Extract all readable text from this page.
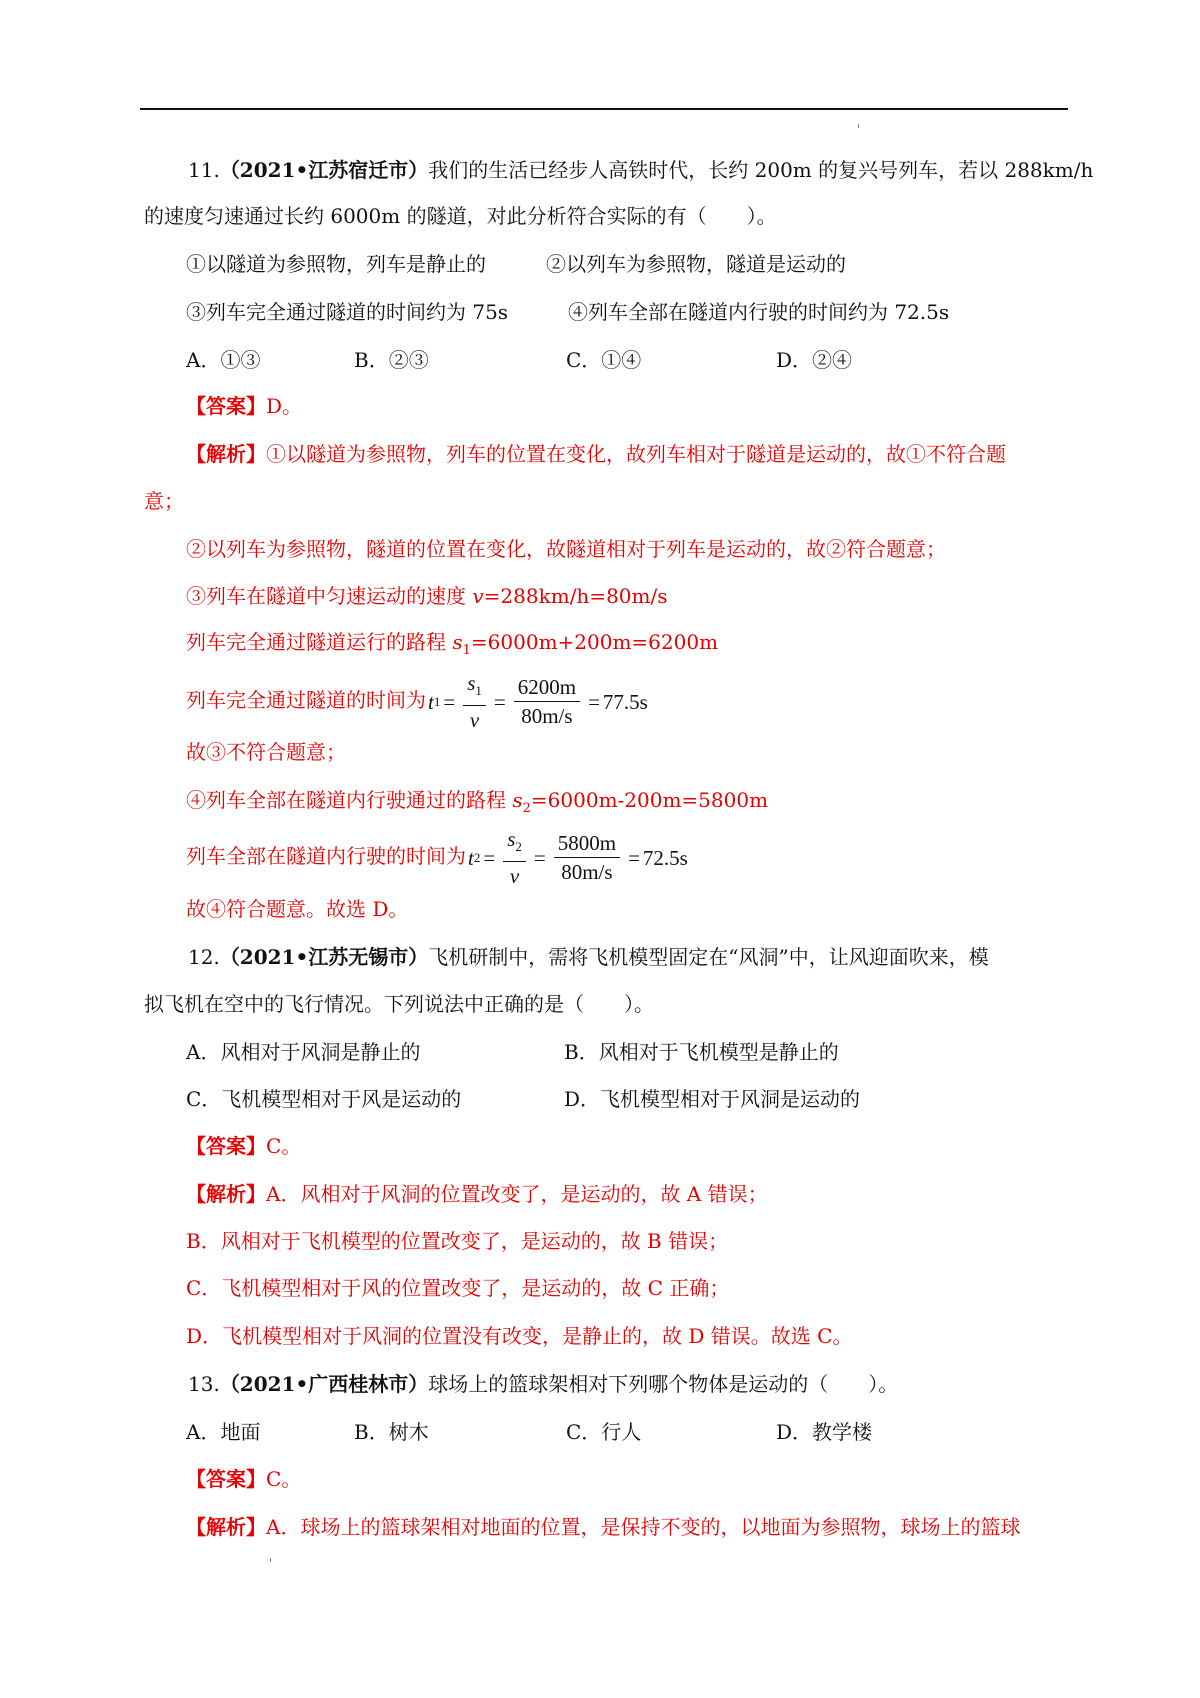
11.（2021•江苏宿迁市）我们的生活已经步人高铁时代，长约 200m 的复兴号列车，若以 288km/h
的速度匀速通过长约 6000m 的隧道，对此分析符合实际的有（　　）。
①以隧道为参照物，列车是静止的	②以列车为参照物，隧道是运动的
③列车完全通过隧道的时间约为 75s	④列车全部在隧道内行驶的时间约为 72.5s
A．①③	B．②③	C．①④	D．②④
【答案】D。
【解析】①以隧道为参照物，列车的位置在变化，故列车相对于隧道是运动的，故①不符合题
意；
②以列车为参照物，隧道的位置在变化，故隧道相对于列车是运动的，故②符合题意；
③列车在隧道中匀速运动的速度 v=288km/h=80m/s
列车完全通过隧道运行的路程 $s_1=6000m+200m=6200m$
列车完全通过隧道的时间为 t $1 = \frac{s_1}{v} = \frac{6200m}{80m/s} = 77.5s$
故③不符合题意；
④列车全部在隧道内行驶通过的路程 $s_2=6000m-200m=5800m$
列车全部在隧道内行驶的时间为 t $2 = \frac{s_2}{v} = \frac{5800m}{80m/s} = 72.5s$
故④符合题意。故选 D。
12.（2021•江苏无锡市）飞机研制中，需将飞机模型固定在“风洞”中，让风迎面吹来，模
拟飞机在空中的飞行情况。下列说法中正确的是（　　）。
A．风相对于风洞是静止的	B．风相对于飞机模型是静止的
C．飞机模型相对于风是运动的	D．飞机模型相对于风洞是运动的
【答案】C。
【解析】A．风相对于风洞的位置改变了，是运动的，故 A 错误；
B．风相对于飞机模型的位置改变了，是运动的，故 B 错误；
C．飞机模型相对于风的位置改变了，是运动的，故 C 正确；
D．飞机模型相对于风洞的位置没有改变，是静止的，故 D 错误。故选 C。
13.（2021•广西桂林市）球场上的篮球架相对下列哪个物体是运动的（　　）。
A．地面	B．树木	C．行人	D．教学楼
【答案】C。
【解析】A．球场上的篮球架相对地面的位置，是保持不变的，以地面为参照物，球场上的篮球
